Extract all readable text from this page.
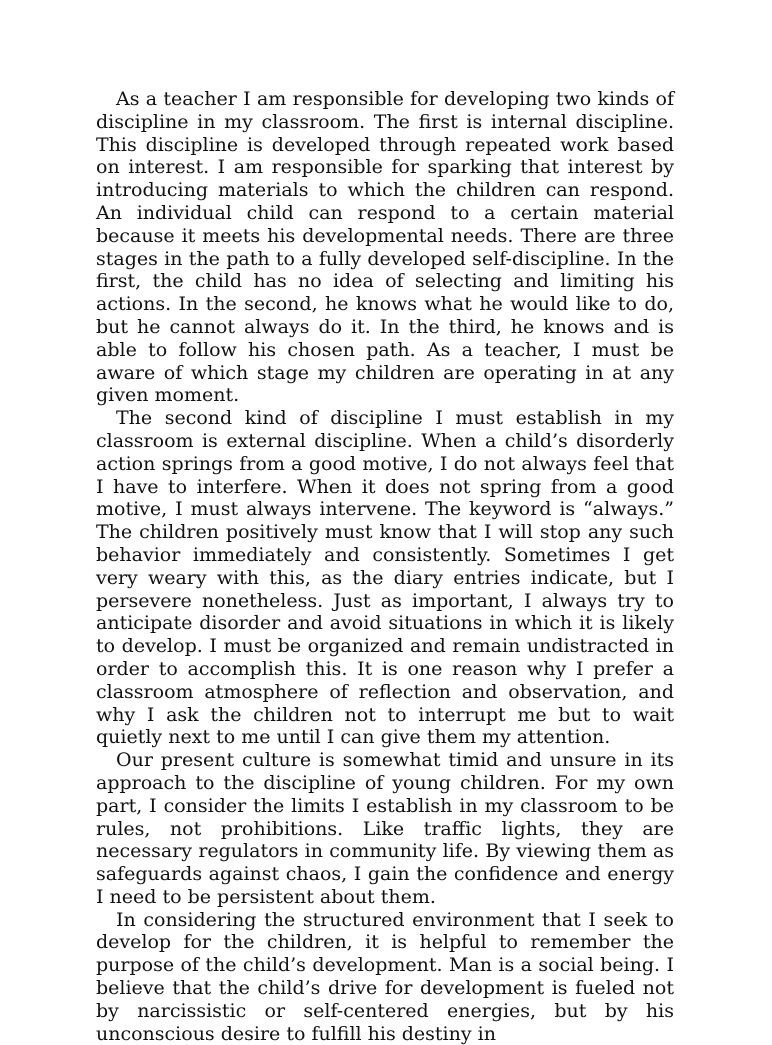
As a teacher I am responsible for developing two kinds of discipline in my classroom. The first is internal discipline. This discipline is developed through repeated work based on interest. I am responsible for sparking that interest by introducing materials to which the children can respond. An individual child can respond to a certain material because it meets his developmental needs. There are three stages in the path to a fully developed self-discipline. In the first, the child has no idea of selecting and limiting his actions. In the second, he knows what he would like to do, but he cannot always do it. In the third, he knows and is able to follow his chosen path. As a teacher, I must be aware of which stage my children are operating in at any given moment.

The second kind of discipline I must establish in my classroom is external discipline. When a child’s disorderly action springs from a good motive, I do not always feel that I have to interfere. When it does not spring from a good motive, I must always intervene. The keyword is “always.” The children positively must know that I will stop any such behavior immediately and consistently. Sometimes I get very weary with this, as the diary entries indicate, but I persevere nonetheless. Just as important, I always try to anticipate disorder and avoid situations in which it is likely to develop. I must be organized and remain undistracted in order to accomplish this. It is one reason why I prefer a classroom atmosphere of reflection and observation, and why I ask the children not to interrupt me but to wait quietly next to me until I can give them my attention.

Our present culture is somewhat timid and unsure in its approach to the discipline of young children. For my own part, I consider the limits I establish in my classroom to be rules, not prohibitions. Like traffic lights, they are necessary regulators in community life. By viewing them as safeguards against chaos, I gain the confidence and energy I need to be persistent about them.

In considering the structured environment that I seek to develop for the children, it is helpful to remember the purpose of the child’s development. Man is a social being. I believe that the child’s drive for development is fueled not by narcissistic or self-centered energies, but by his unconscious desire to fulfill his destiny in
